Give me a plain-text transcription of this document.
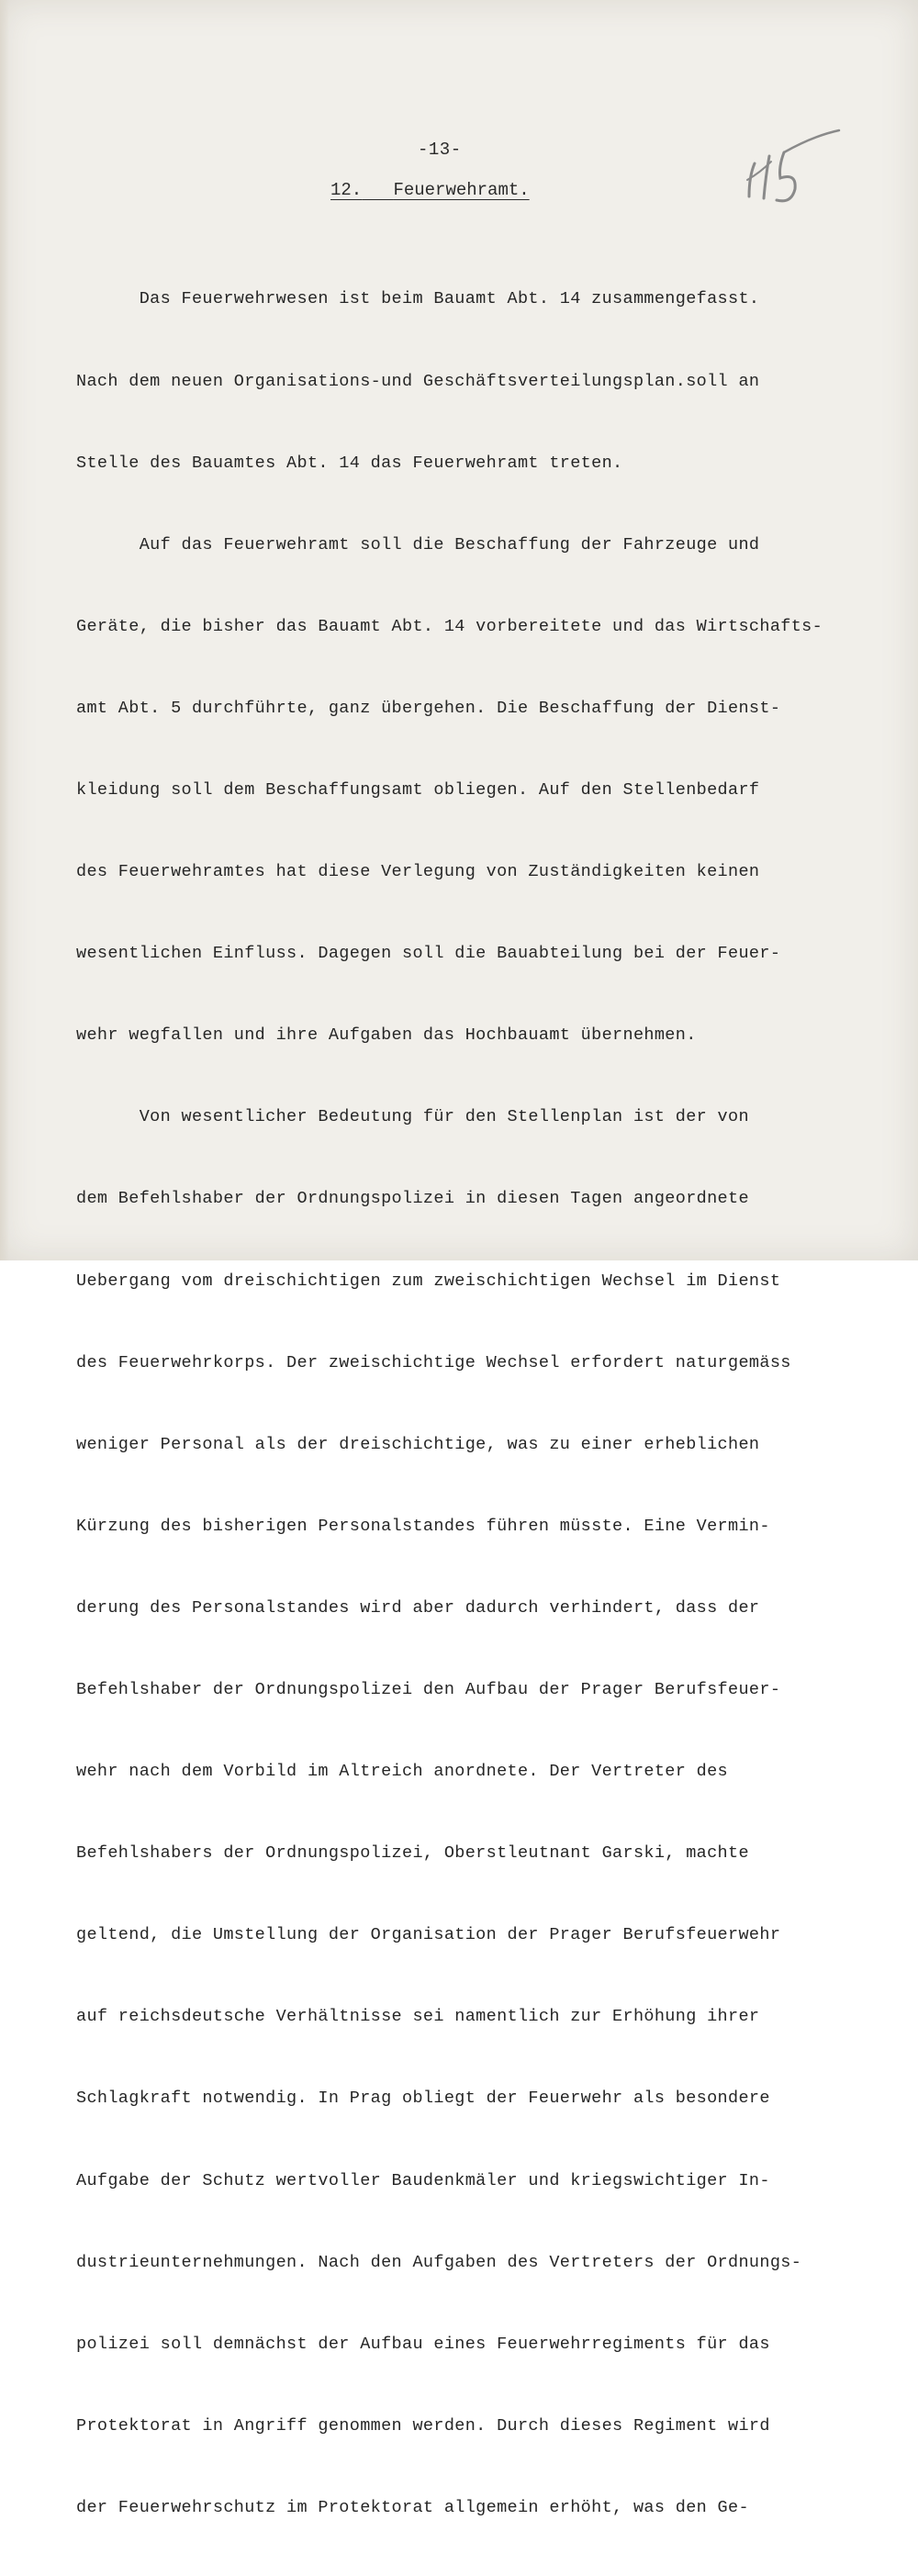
-13-
12. Feuerwehramt.

Das Feuerwehrwesen ist beim Bauamt Abt. 14 zusammengefasst.

Nach dem neuen Organisations-und Geschäftsverteilungsplan.soll an

Stelle des Bauamtes Abt. 14 das Feuerwehramt treten.

Auf das Feuerwehramt soll die Beschaffung der Fahrzeuge und

Geräte, die bisher das Bauamt Abt. 14 vorbereitete und das Wirtschafts-

amt Abt. 5 durchführte, ganz übergehen. Die Beschaffung der Dienst-

kleidung soll dem Beschaffungsamt obliegen. Auf den Stellenbedarf

des Feuerwehramtes hat diese Verlegung von Zuständigkeiten keinen

wesentlichen Einfluss. Dagegen soll die Bauabteilung bei der Feuer-

wehr wegfallen und ihre Aufgaben das Hochbauamt übernehmen.

Von wesentlicher Bedeutung für den Stellenplan ist der von

dem Befehlshaber der Ordnungspolizei in diesen Tagen angeordnete

Uebergang vom dreischichtigen zum zweischichtigen Wechsel im Dienst

des Feuerwehrkorps. Der zweischichtige Wechsel erfordert naturgemäss

weniger Personal als der dreischichtige, was zu einer erheblichen

Kürzung des bisherigen Personalstandes führen müsste. Eine Vermin-

derung des Personalstandes wird aber dadurch verhindert, dass der

Befehlshaber der Ordnungspolizei den Aufbau der Prager Berufsfeuer-

wehr nach dem Vorbild im Altreich anordnete. Der Vertreter des

Befehlshabers der Ordnungspolizei, Oberstleutnant Garski, machte

geltend, die Umstellung der Organisation der Prager Berufsfeuerwehr

auf reichsdeutsche Verhältnisse sei namentlich zur Erhöhung ihrer

Schlagkraft notwendig. In Prag obliegt der Feuerwehr als besondere

Aufgabe der Schutz wertvoller Baudenkmäler und kriegswichtiger In-

dustrieunternehmungen. Nach den Aufgaben des Vertreters der Ordnungs-

polizei soll demnächst der Aufbau eines Feuerwehrregiments für das

Protektorat in Angriff genommen werden. Durch dieses Regiment wird

der Feuerwehrschutz im Protektorat allgemein erhöht, was den Ge-
